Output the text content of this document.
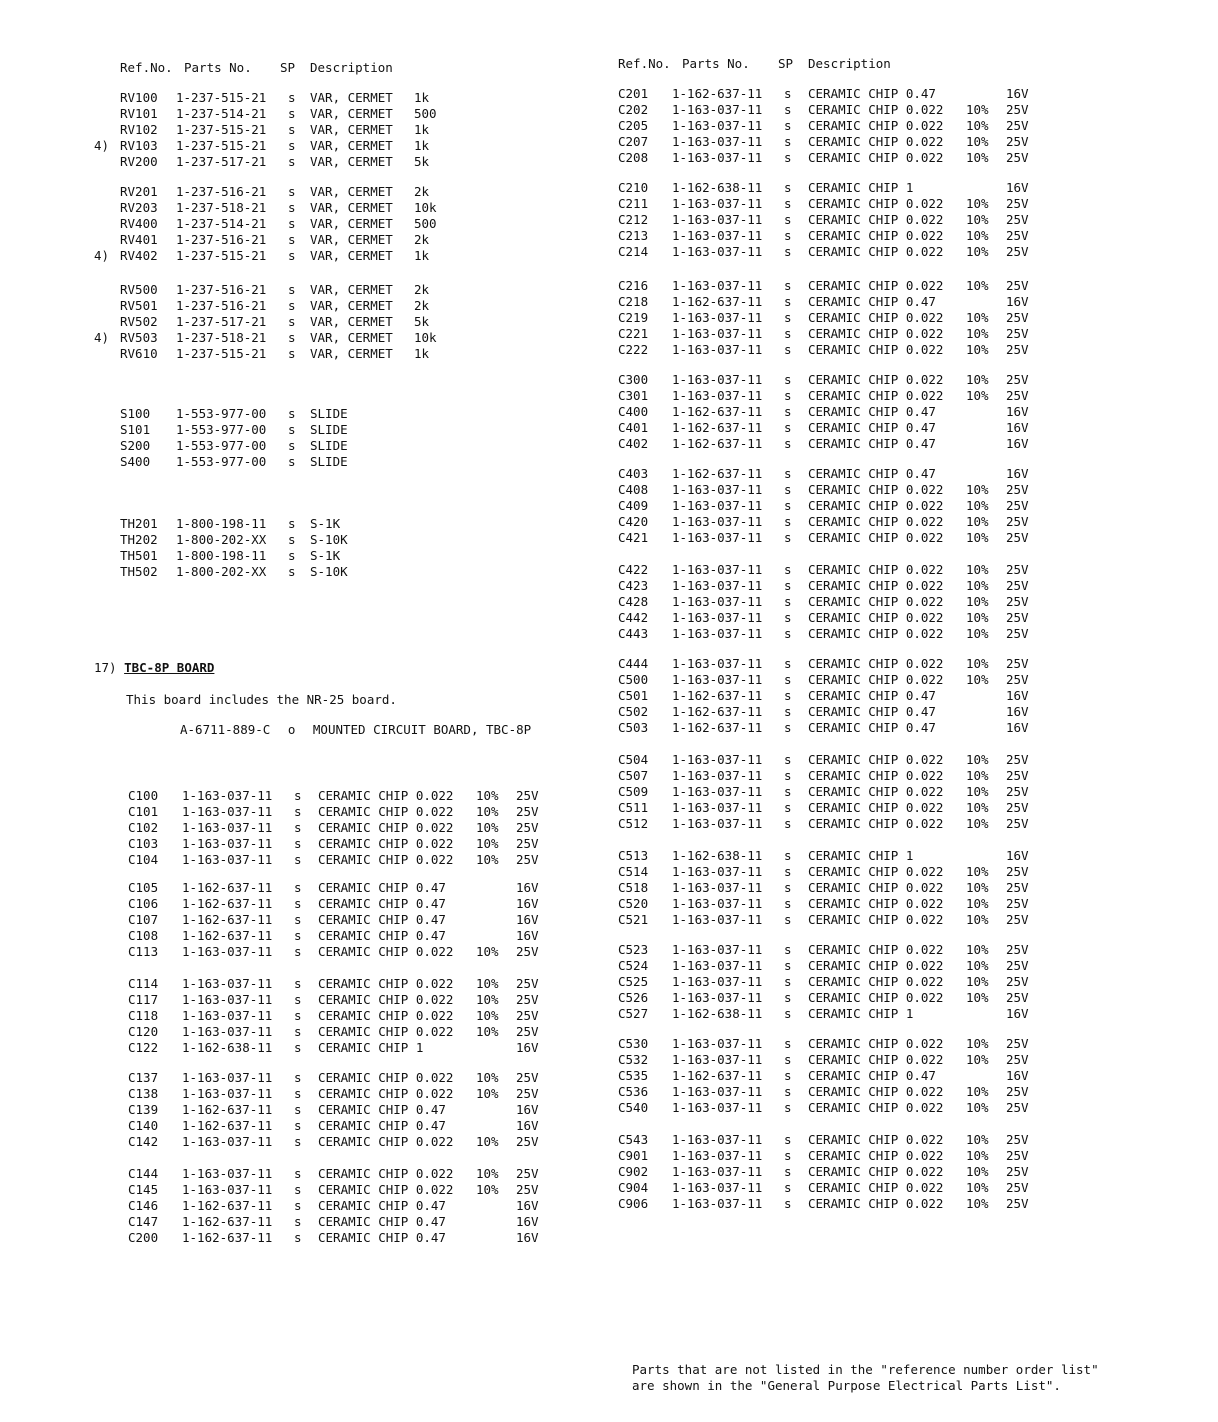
Ref.No. Parts No. SP Description	Ref.No. Parts No. SP Description
RV100 1-237-515-21 s VAR, CERMET 1k
RV101 1-237-514-21 s VAR, CERMET 500
RV102 1-237-515-21 s VAR, CERMET 1k
4) RV103 1-237-515-21 s VAR, CERMET 1k
RV200 1-237-517-21 s VAR, CERMET 5k
RV201 1-237-516-21 s VAR, CERMET 2k
RV203 1-237-518-21 s VAR, CERMET 10k
RV400 1-237-514-21 s VAR, CERMET 500
RV401 1-237-516-21 s VAR, CERMET 2k
4) RV402 1-237-515-21 s VAR, CERMET 1k
RV500 1-237-516-21 s VAR, CERMET 2k
RV501 1-237-516-21 s VAR, CERMET 2k
RV502 1-237-517-21 s VAR, CERMET 5k
4) RV503 1-237-518-21 s VAR, CERMET 10k
RV610 1-237-515-21 s VAR, CERMET 1k
S100 1-553-977-00 s SLIDE
S101 1-553-977-00 s SLIDE
S200 1-553-977-00 s SLIDE
S400 1-553-977-00 s SLIDE
TH201 1-800-198-11 s S-1K
TH202 1-800-202-XX s S-10K
TH501 1-800-198-11 s S-1K
TH502 1-800-202-XX s S-10K
17) TBC-8P BOARD
This board includes the NR-25 board.
A-6711-889-C o MOUNTED CIRCUIT BOARD, TBC-8P
C100 1-163-037-11 s CERAMIC CHIP 0.022 10% 25V
C101 1-163-037-11 s CERAMIC CHIP 0.022 10% 25V
C102 1-163-037-11 s CERAMIC CHIP 0.022 10% 25V
C103 1-163-037-11 s CERAMIC CHIP 0.022 10% 25V
C104 1-163-037-11 s CERAMIC CHIP 0.022 10% 25V
C105 1-162-637-11 s CERAMIC CHIP 0.47	16V
C106 1-162-637-11 s CERAMIC CHIP 0.47	16V
C107 1-162-637-11 s CERAMIC CHIP 0.47	16V
C108 1-162-637-11 s CERAMIC CHIP 0.47	16V
C113 1-163-037-11 s CERAMIC CHIP 0.022 10% 25V
C114 1-163-037-11 s CERAMIC CHIP 0.022 10% 25V
C117 1-163-037-11 s CERAMIC CHIP 0.022 10% 25V
C118 1-163-037-11 s CERAMIC CHIP 0.022 10% 25V
C120 1-163-037-11 s CERAMIC CHIP 0.022 10% 25V
C122 1-162-638-11 s CERAMIC CHIP 1	16V
C137 1-163-037-11 s CERAMIC CHIP 0.022 10% 25V
C138 1-163-037-11 s CERAMIC CHIP 0.022 10% 25V
C139 1-162-637-11 s CERAMIC CHIP 0.47	16V
C140 1-162-637-11 s CERAMIC CHIP 0.47	16V
C142 1-163-037-11 s CERAMIC CHIP 0.022 10% 25V
C144 1-163-037-11 s CERAMIC CHIP 0.022 10% 25V
C145 1-163-037-11 s CERAMIC CHIP 0.022 10% 25V
C146 1-162-637-11 s CERAMIC CHIP 0.47	16V
C147 1-162-637-11 s CERAMIC CHIP 0.47	16V
C200 1-162-637-11 s CERAMIC CHIP 0.47	16V
C201 1-162-637-11 s CERAMIC CHIP 0.47	16V
C202 1-163-037-11 s CERAMIC CHIP 0.022 10% 25V
C205 1-163-037-11 s CERAMIC CHIP 0.022 10% 25V
C207 1-163-037-11 s CERAMIC CHIP 0.022 10% 25V
C208 1-163-037-11 s CERAMIC CHIP 0.022 10% 25V
C210 1-162-638-11 s CERAMIC CHIP 1	16V
C211 1-163-037-11 s CERAMIC CHIP 0.022 10% 25V
C212 1-163-037-11 s CERAMIC CHIP 0.022 10% 25V
C213 1-163-037-11 s CERAMIC CHIP 0.022 10% 25V
C214 1-163-037-11 s CERAMIC CHIP 0.022 10% 25V
C216 1-163-037-11 s CERAMIC CHIP 0.022 10% 25V
C218 1-162-637-11 s CERAMIC CHIP 0.47	16V
C219 1-163-037-11 s CERAMIC CHIP 0.022 10% 25V
C221 1-163-037-11 s CERAMIC CHIP 0.022 10% 25V
C222 1-163-037-11 s CERAMIC CHIP 0.022 10% 25V
C300 1-163-037-11 s CERAMIC CHIP 0.022 10% 25V
C301 1-163-037-11 s CERAMIC CHIP 0.022 10% 25V
C400 1-162-637-11 s CERAMIC CHIP 0.47	16V
C401 1-162-637-11 s CERAMIC CHIP 0.47	16V
C402 1-162-637-11 s CERAMIC CHIP 0.47	16V
C403 1-162-637-11 s CERAMIC CHIP 0.47	16V
C408 1-163-037-11 s CERAMIC CHIP 0.022 10% 25V
C409 1-163-037-11 s CERAMIC CHIP 0.022 10% 25V
C420 1-163-037-11 s CERAMIC CHIP 0.022 10% 25V
C421 1-163-037-11 s CERAMIC CHIP 0.022 10% 25V
C422 1-163-037-11 s CERAMIC CHIP 0.022 10% 25V
C423 1-163-037-11 s CERAMIC CHIP 0.022 10% 25V
C428 1-163-037-11 s CERAMIC CHIP 0.022 10% 25V
C442 1-163-037-11 s CERAMIC CHIP 0.022 10% 25V
C443 1-163-037-11 s CERAMIC CHIP 0.022 10% 25V
C444 1-163-037-11 s CERAMIC CHIP 0.022 10% 25V
C500 1-163-037-11 s CERAMIC CHIP 0.022 10% 25V
C501 1-162-637-11 s CERAMIC CHIP 0.47	16V
C502 1-162-637-11 s CERAMIC CHIP 0.47	16V
C503 1-162-637-11 s CERAMIC CHIP 0.47	16V
C504 1-163-037-11 s CERAMIC CHIP 0.022 10% 25V
C507 1-163-037-11 s CERAMIC CHIP 0.022 10% 25V
C509 1-163-037-11 s CERAMIC CHIP 0.022 10% 25V
C511 1-163-037-11 s CERAMIC CHIP 0.022 10% 25V
C512 1-163-037-11 s CERAMIC CHIP 0.022 10% 25V
C513 1-162-638-11 s CERAMIC CHIP 1	16V
C514 1-163-037-11 s CERAMIC CHIP 0.022 10% 25V
C518 1-163-037-11 s CERAMIC CHIP 0.022 10% 25V
C520 1-163-037-11 s CERAMIC CHIP 0.022 10% 25V
C521 1-163-037-11 s CERAMIC CHIP 0.022 10% 25V
C523 1-163-037-11 s CERAMIC CHIP 0.022 10% 25V
C524 1-163-037-11 s CERAMIC CHIP 0.022 10% 25V
C525 1-163-037-11 s CERAMIC CHIP 0.022 10% 25V
C526 1-163-037-11 s CERAMIC CHIP 0.022 10% 25V
C527 1-162-638-11 s CERAMIC CHIP 1	16V
C530 1-163-037-11 s CERAMIC CHIP 0.022 10% 25V
C532 1-163-037-11 s CERAMIC CHIP 0.022 10% 25V
C535 1-162-637-11 s CERAMIC CHIP 0.47	16V
C536 1-163-037-11 s CERAMIC CHIP 0.022 10% 25V
C540 1-163-037-11 s CERAMIC CHIP 0.022 10% 25V
C543 1-163-037-11 s CERAMIC CHIP 0.022 10% 25V
C901 1-163-037-11 s CERAMIC CHIP 0.022 10% 25V
C902 1-163-037-11 s CERAMIC CHIP 0.022 10% 25V
C904 1-163-037-11 s CERAMIC CHIP 0.022 10% 25V
C906 1-163-037-11 s CERAMIC CHIP 0.022 10% 25V
Parts that are not listed in the "reference number order list"
are shown in the "General Purpose Electrical Parts List".
